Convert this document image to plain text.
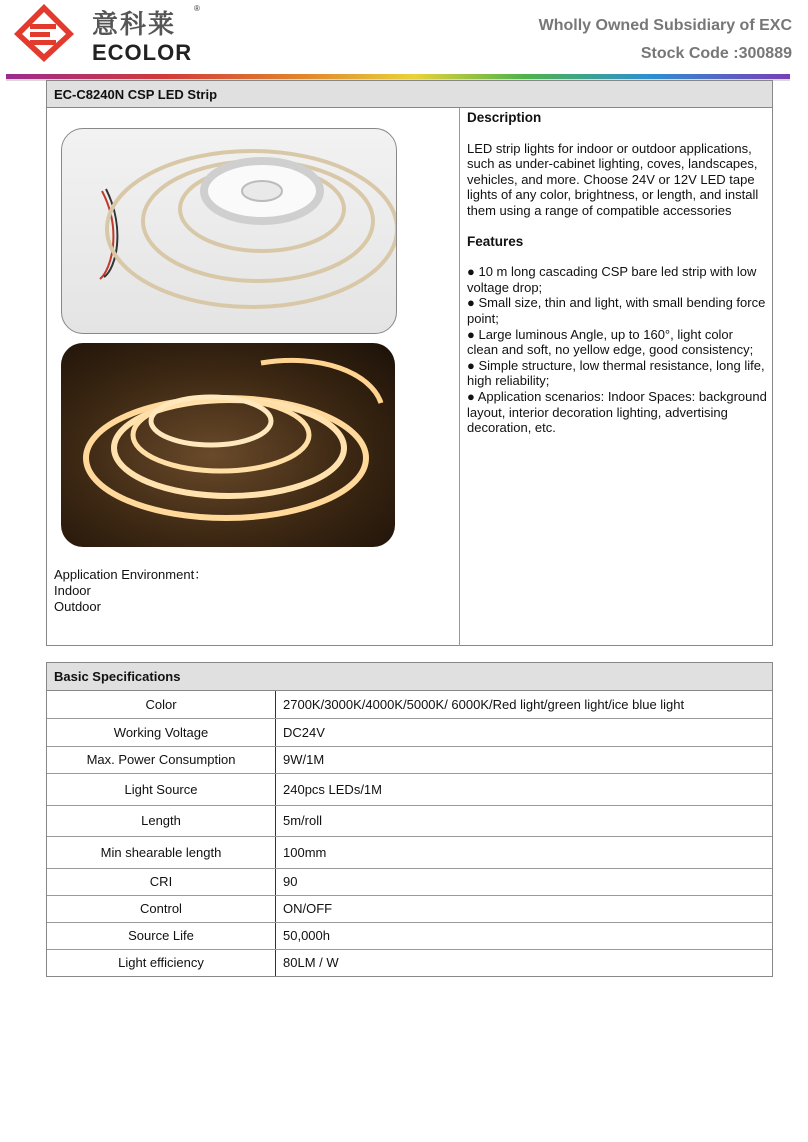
意科莱
®
ECOLOR
Wholly Owned Subsidiary of EXC
Stock Code :300889
EC-C8240N CSP LED Strip
Application Environment：
Indoor
Outdoor
Description

LED strip lights for indoor or outdoor applications, such as under-cabinet lighting, coves, landscapes, vehicles, and more. Choose 24V or 12V LED tape lights of any color, brightness, or length, and install them using a range of compatible accessories

Features

● 10 m long cascading CSP bare led strip with low voltage drop;

● Small size, thin and light, with small bending force point;

● Large luminous Angle, up to 160°, light color clean and soft, no yellow edge, good consistency;

● Simple structure, low thermal resistance, long life, high reliability;

● Application scenarios: Indoor Spaces: background layout, interior decoration lighting, advertising decoration, etc.

Basic Specifications
Color	2700K/3000K/4000K/5000K/ 6000K/Red light/green light/ice blue light
Working Voltage	DC24V
Max. Power Consumption	9W/1M
Light Source	240pcs LEDs/1M
Length	5m/roll
Min shearable length	100mm
CRI	90
Control	ON/OFF
Source Life	50,000h
Light efficiency	80LM / W
